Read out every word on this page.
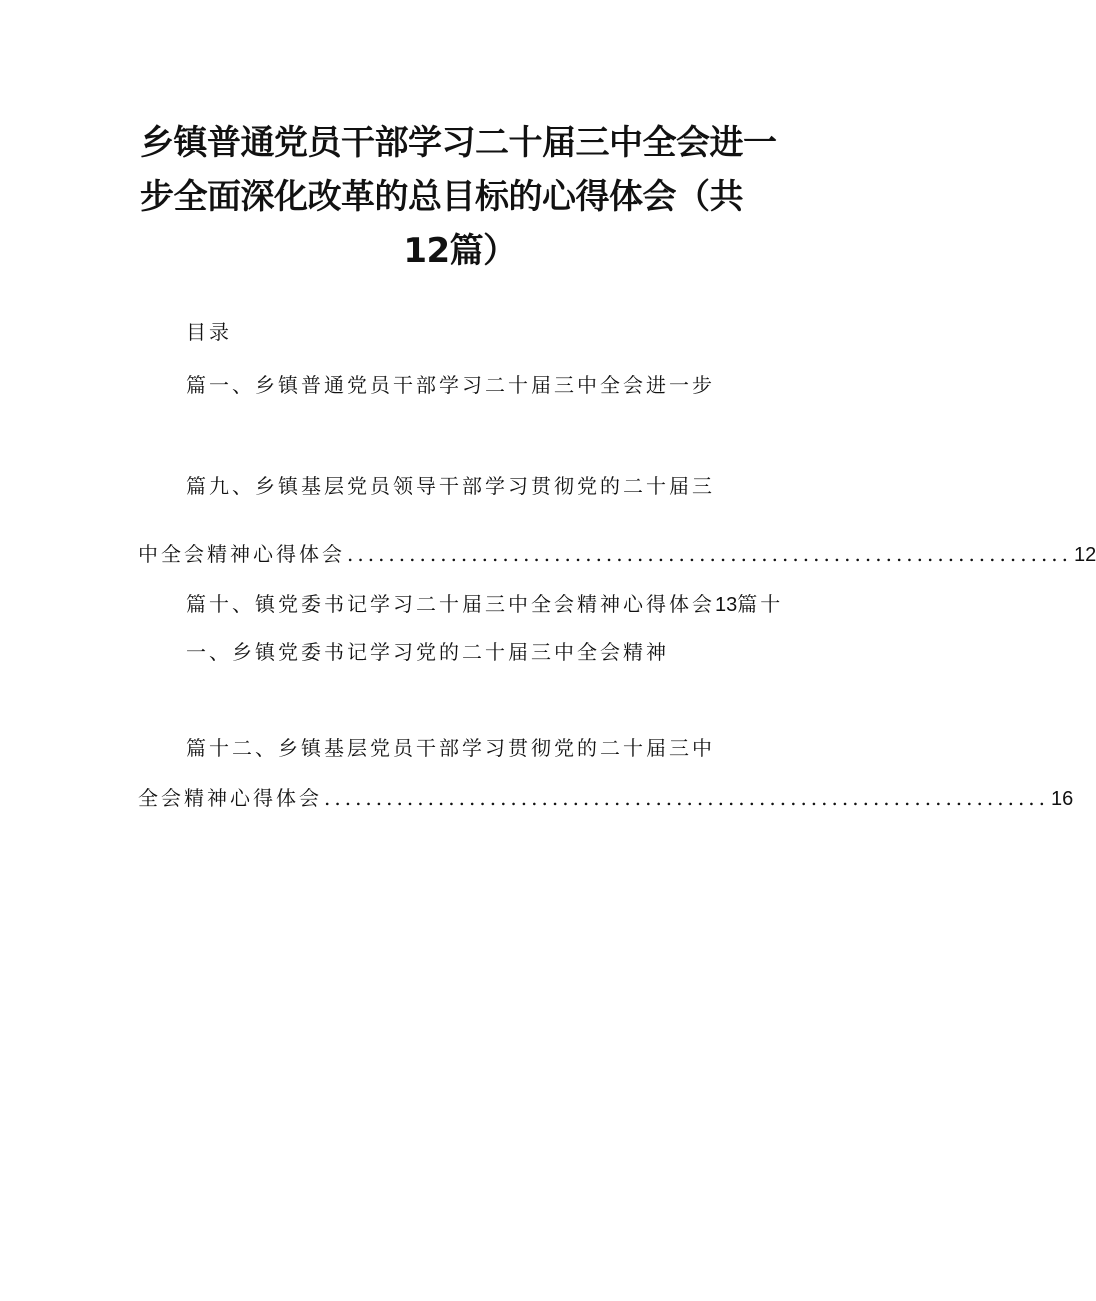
乡镇普通党员干部学习二十届三中全会进一
步全面深化改革的总目标的心得体会（共
12篇）
目录
篇一、乡镇普通党员干部学习二十届三中全会进一步
篇九、乡镇基层党员领导干部学习贯彻党的二十届三
中全会精神心得体会 ...................................................................... 12
篇十、镇党委书记学习二十届三中全会精神心得体会13篇十
一、乡镇党委书记学习党的二十届三中全会精神
篇十二、乡镇基层党员干部学习贯彻党的二十届三中
全会精神心得体会 ...................................................................... 16
